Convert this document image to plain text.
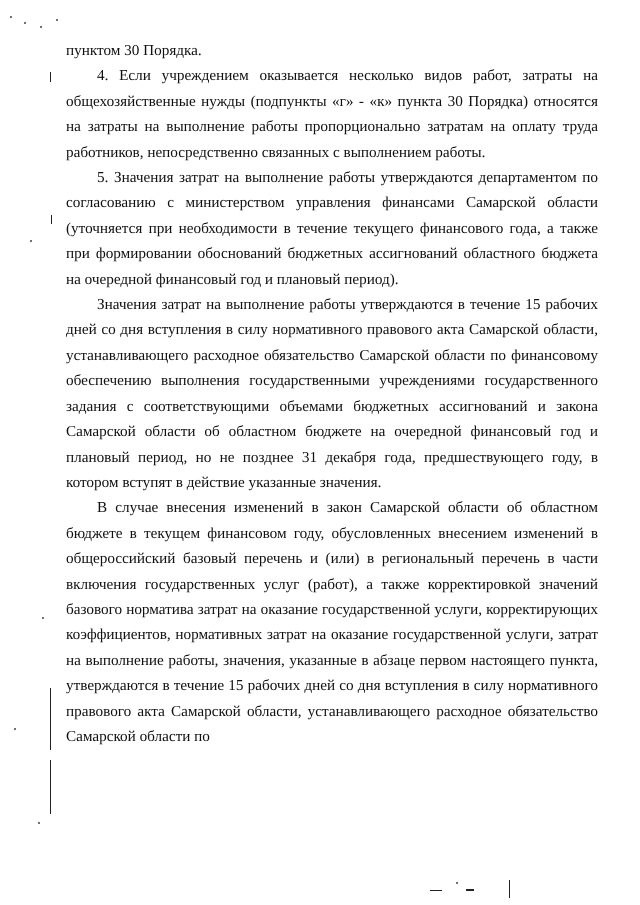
пунктом 30 Порядка.

4. Если учреждением оказывается несколько видов работ, затраты на общехозяйственные нужды (подпункты «г» - «к» пункта 30 Порядка) относятся на затраты на выполнение работы пропорционально затратам на оплату труда работников, непосредственно связанных с выполнением работы.

5. Значения затрат на выполнение работы утверждаются департаментом по согласованию с министерством управления финансами Самарской области (уточняется при необходимости в течение текущего финансового года, а также при формировании обоснований бюджетных ассигнований областного бюджета на очередной финансовый год и плановый период).

Значения затрат на выполнение работы утверждаются в течение 15 рабочих дней со дня вступления в силу нормативного правового акта Самарской области, устанавливающего расходное обязательство Самарской области по финансовому обеспечению выполнения государственными учреждениями государственного задания с соответствующими объемами бюджетных ассигнований и закона Самарской области об областном бюджете на очередной финансовый год и плановый период, но не позднее 31 декабря года, предшествующего году, в котором вступят в действие указанные значения.

В случае внесения изменений в закон Самарской области об областном бюджете в текущем финансовом году, обусловленных внесением изменений в общероссийский базовый перечень и (или) в региональный перечень в части включения государственных услуг (работ), а также корректировкой значений базового норматива затрат на оказание государственной услуги, корректирующих коэффициентов, нормативных затрат на оказание государственной услуги, затрат на выполнение работы, значения, указанные в абзаце первом настоящего пункта, утверждаются в течение 15 рабочих дней со дня вступления в силу нормативного правового акта Самарской области, устанавливающего расходное обязательство Самарской области по
